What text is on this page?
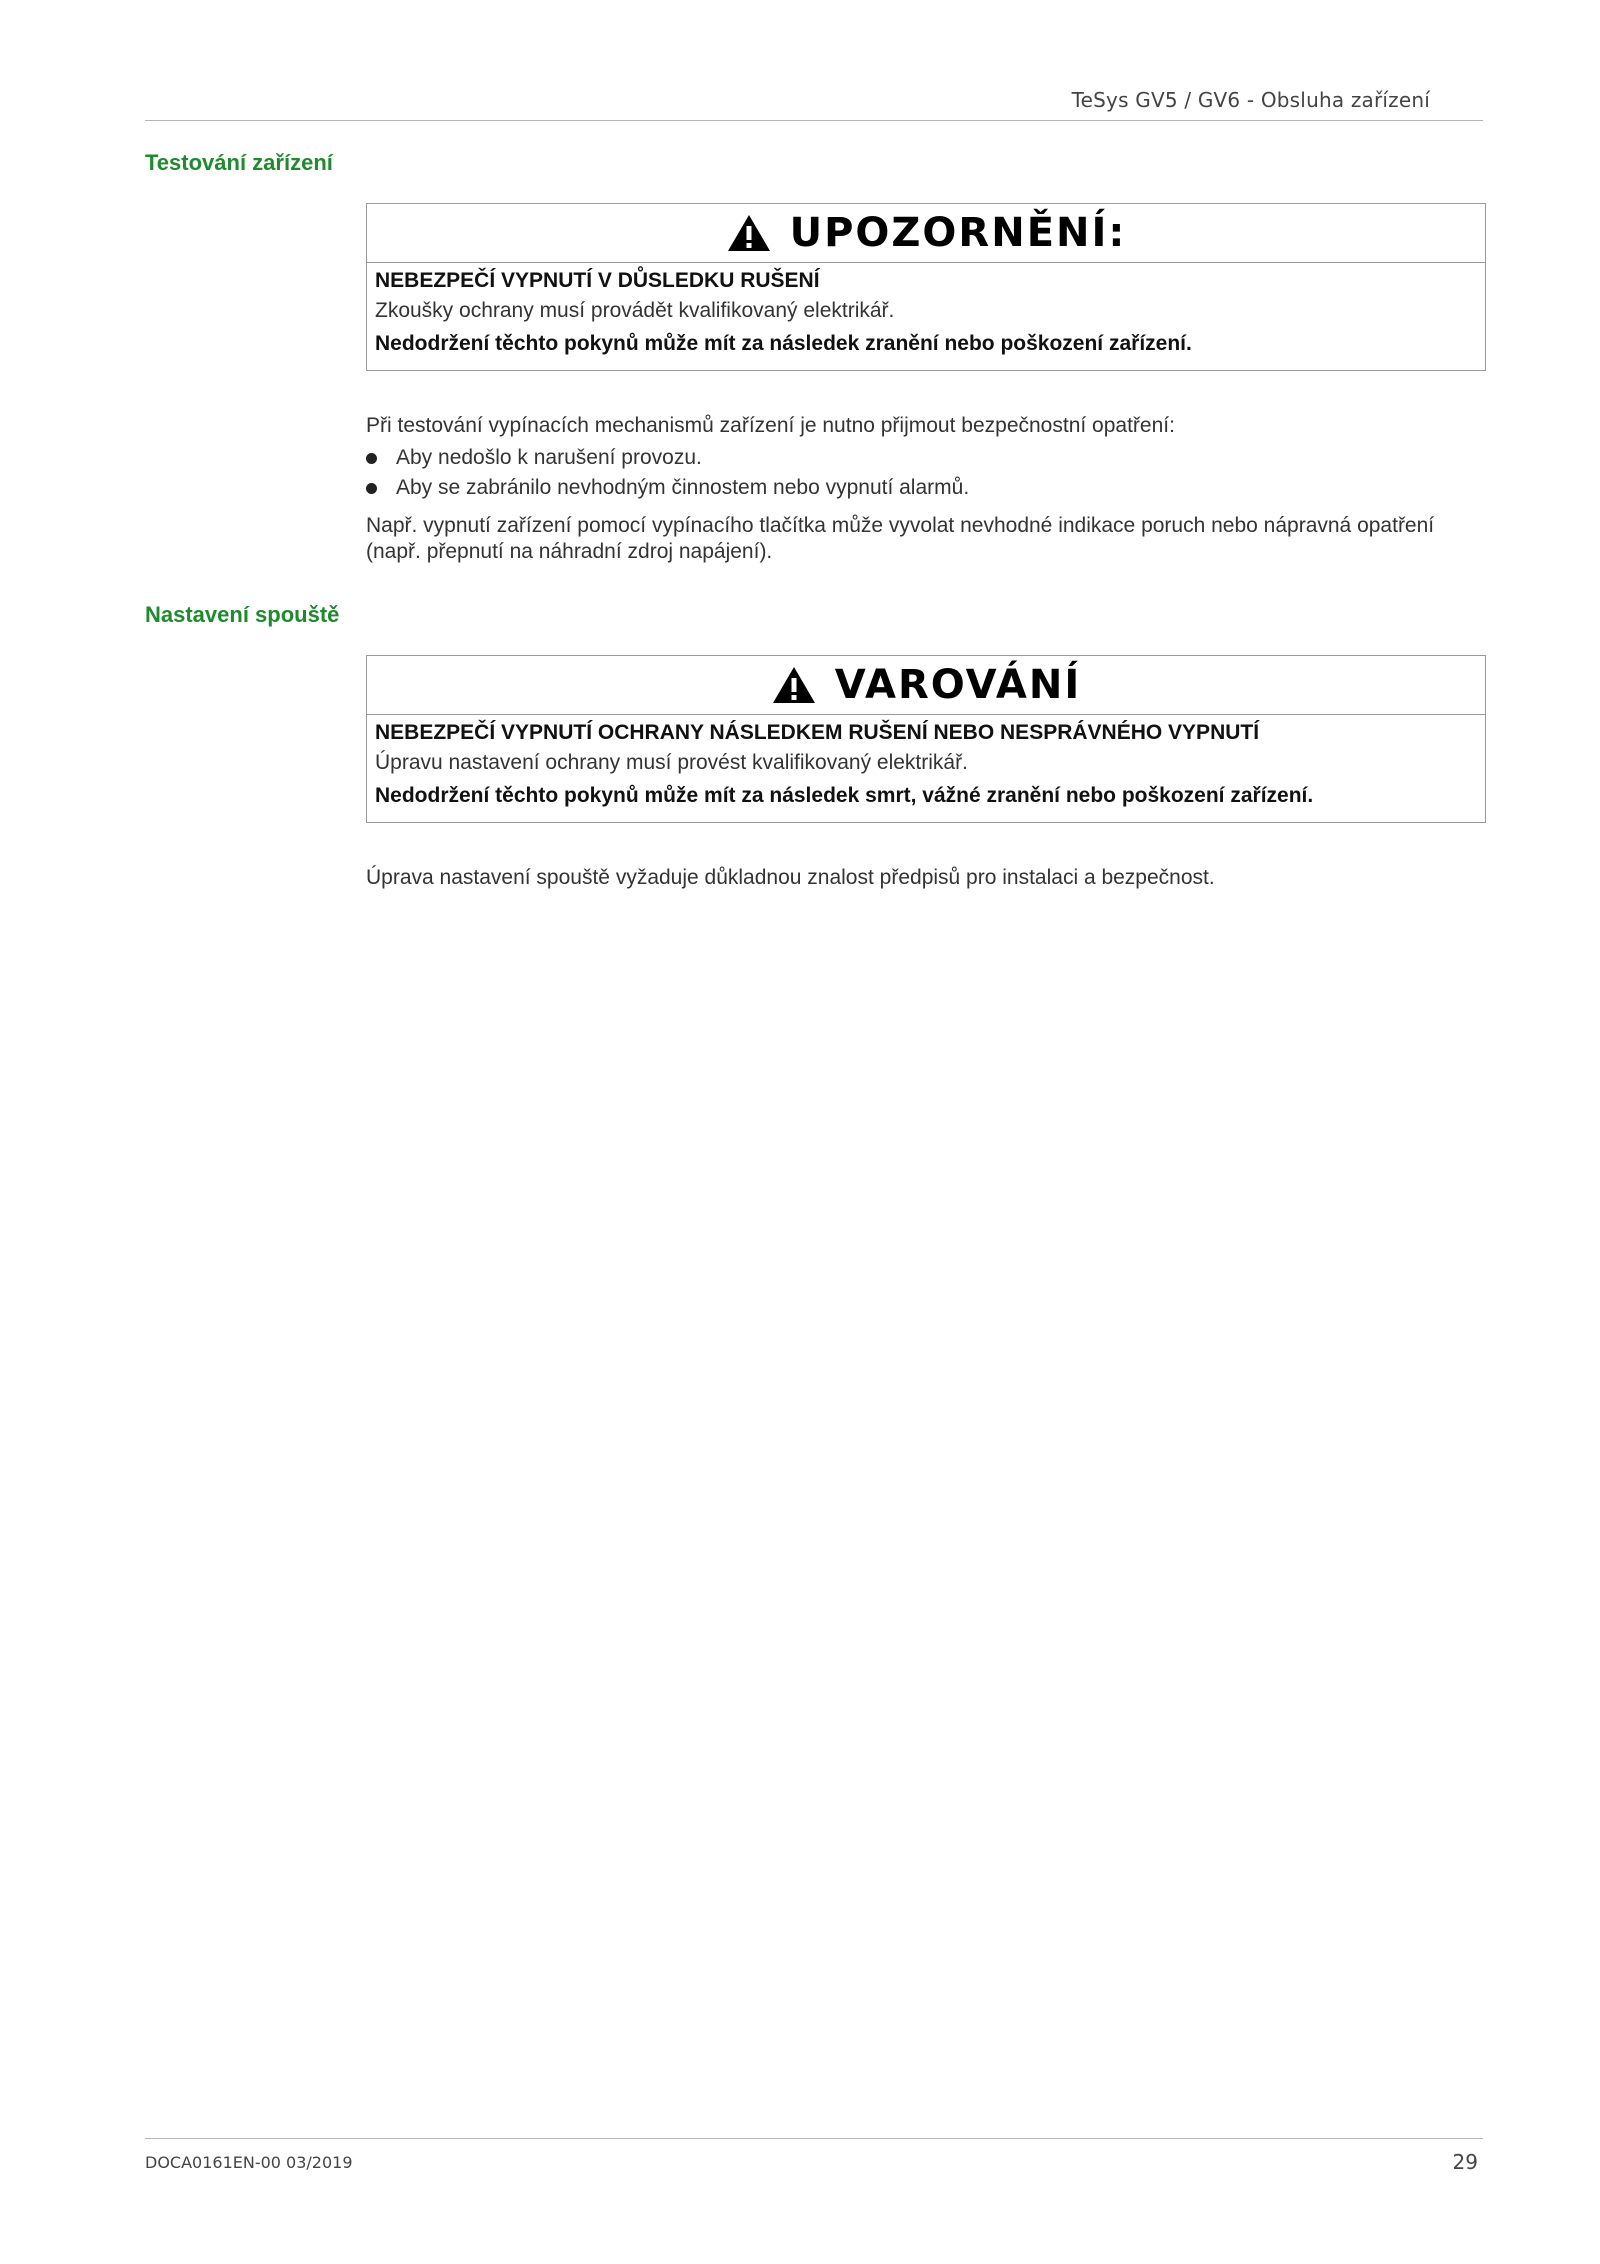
TeSys GV5 / GV6 - Obsluha zařízení
Testování zařízení
UPOZORNĚNÍ:

NEBEZPEČÍ VYPNUTÍ V DŮSLEDKU RUŠENÍ

Zkoušky ochrany musí provádět kvalifikovaný elektrikář.

Nedodržení těchto pokynů může mít za následek zranění nebo poškození zařízení.

Při testování vypínacích mechanismů zařízení je nutno přijmout bezpečnostní opatření:

Aby nedošlo k narušení provozu.
Aby se zabránilo nevhodným činnostem nebo vypnutí alarmů.

Např. vypnutí zařízení pomocí vypínacího tlačítka může vyvolat nevhodné indikace poruch nebo nápravná opatření (např. přepnutí na náhradní zdroj napájení).

Nastavení spouště
VAROVÁNÍ

NEBEZPEČÍ VYPNUTÍ OCHRANY NÁSLEDKEM RUŠENÍ NEBO NESPRÁVNÉHO VYPNUTÍ

Úpravu nastavení ochrany musí provést kvalifikovaný elektrikář.

Nedodržení těchto pokynů může mít za následek smrt, vážné zranění nebo poškození zařízení.

Úprava nastavení spouště vyžaduje důkladnou znalost předpisů pro instalaci a bezpečnost.

DOCA0161EN-00 03/2019	29
